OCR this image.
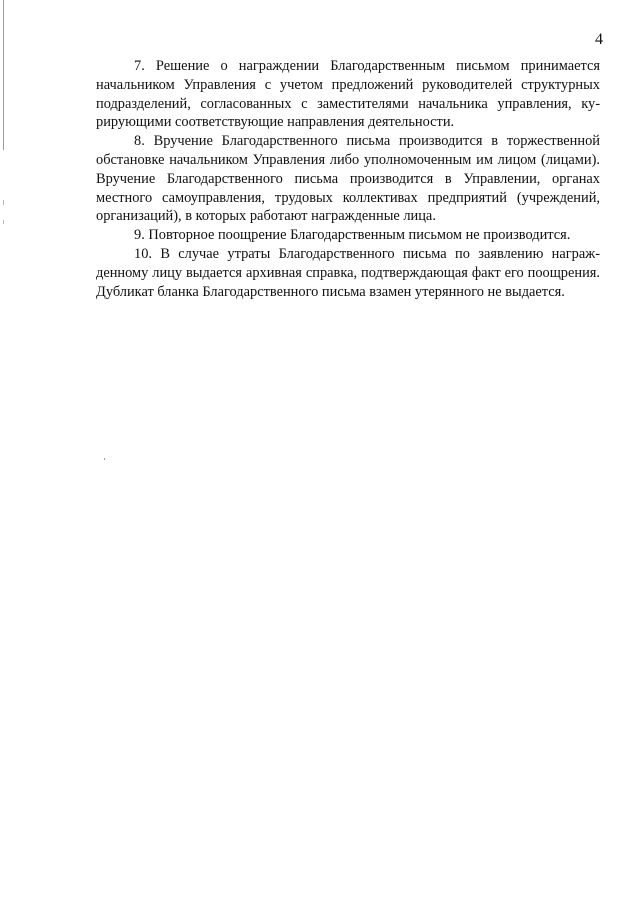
4

7. Решение о награждении Благодарственным письмом принимается начальником Управления с учетом предложений руководителей структурных подразделений, согласованных с заместителями начальника управления, курирующими соответствующие направления деятельности.

8. Вручение Благодарственного письма производится в торжественной обстановке начальником Управления либо уполномоченным им лицом (лицами). Вручение Благодарственного письма производится в Управлении, органах местного самоуправления, трудовых коллективах предприятий (учреждений, организаций), в которых работают награжденные лица.

9. Повторное поощрение Благодарственным письмом не производится.

10. В случае утраты Благодарственного письма по заявлению награжденному лицу выдается архивная справка, подтверждающая факт его поощрения. Дубликат бланка Благодарственного письма взамен утерянного не выдается.
